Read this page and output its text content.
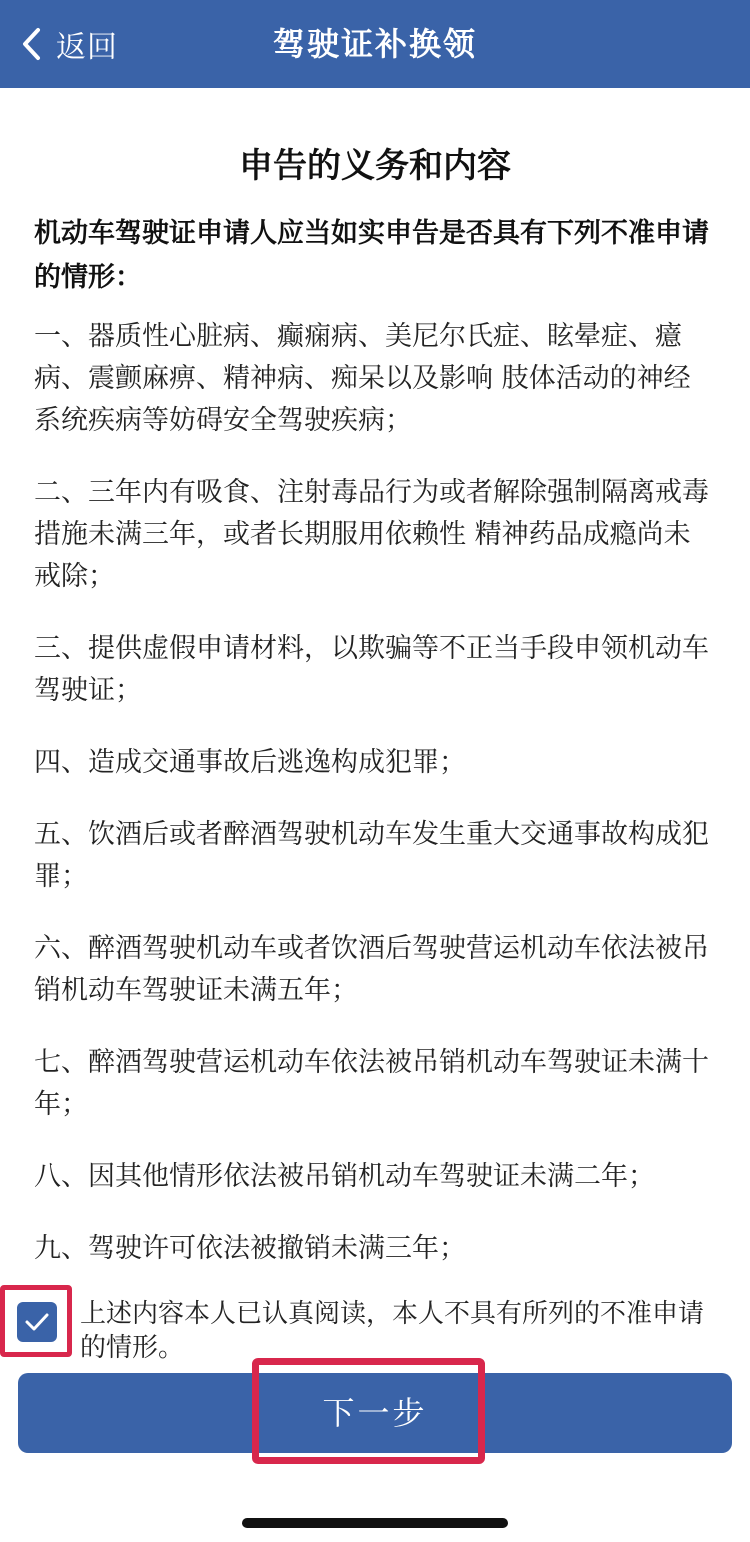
返回	驾驶证补换领
申告的义务和内容

机动车驾驶证申请人应当如实申告是否具有下列不准申请的情形：

一、器质性心脏病、癫痫病、美尼尔氏症、眩晕症、癔病、震颤麻痹、精神病、痴呆以及影响 肢体活动的神经系统疾病等妨碍安全驾驶疾病；
二、三年内有吸食、注射毒品行为或者解除强制隔离戒毒措施未满三年，或者长期服用依赖性 精神药品成瘾尚未戒除；
三、提供虚假申请材料，以欺骗等不正当手段申领机动车驾驶证；
四、造成交通事故后逃逸构成犯罪；
五、饮酒后或者醉酒驾驶机动车发生重大交通事故构成犯罪；
六、醉酒驾驶机动车或者饮酒后驾驶营运机动车依法被吊销机动车驾驶证未满五年；
七、醉酒驾驶营运机动车依法被吊销机动车驾驶证未满十年；
八、因其他情形依法被吊销机动车驾驶证未满二年；
九、驾驶许可依法被撤销未满三年；
上述内容本人已认真阅读，本人不具有所列的不准申请的情形。
下一步
